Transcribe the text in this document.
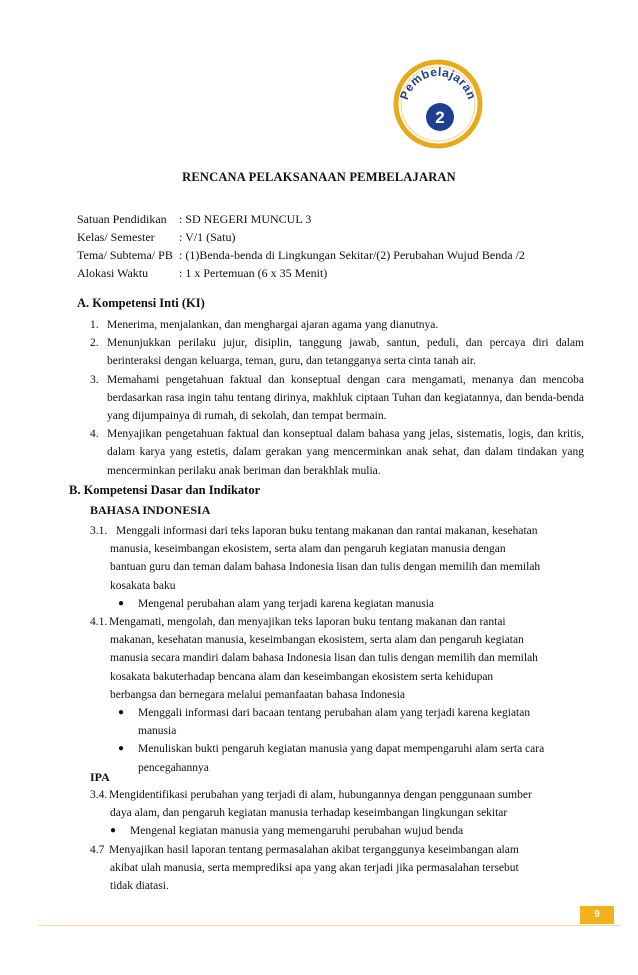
Pembelajaran
2
RENCANA PELAKSANAAN PEMBELAJARAN
Satuan Pendidikan	: SD NEGERI MUNCUL 3
Kelas/ Semester	: V/1 (Satu)
Tema/ Subtema/ PB : (1)Benda-benda di Lingkungan Sekitar/(2) Perubahan Wujud Benda /2
Alokasi Waktu	: 1 x Pertemuan (6 x 35 Menit)
A. Kompetensi Inti (KI)
1. Menerima, menjalankan, dan menghargai ajaran agama yang dianutnya.
2. Menunjukkan perilaku jujur, disiplin, tanggung jawab, santun, peduli, dan percaya diri dalam berinteraksi dengan keluarga, teman, guru, dan tetangganya serta cinta tanah air.
3. Memahami pengetahuan faktual dan konseptual dengan cara mengamati, menanya dan mencoba berdasarkan rasa ingin tahu tentang dirinya, makhluk ciptaan Tuhan dan kegiatannya, dan benda-benda yang dijumpainya di rumah, di sekolah, dan tempat bermain.
4. Menyajikan pengetahuan faktual dan konseptual dalam bahasa yang jelas, sistematis, logis, dan kritis, dalam karya yang estetis, dalam gerakan yang mencerminkan anak sehat, dan dalam tindakan yang mencerminkan perilaku anak beriman dan berakhlak mulia.
B. Kompetensi Dasar dan Indikator
BAHASA INDONESIA
3.1. Menggali informasi dari teks laporan buku tentang makanan dan rantai makanan, kesehatan
manusia, keseimbangan ekosistem, serta alam dan pengaruh kegiatan manusia dengan
bantuan guru dan teman dalam bahasa Indonesia lisan dan tulis dengan memilih dan memilah
kosakata baku
● Mengenal perubahan alam yang terjadi karena kegiatan manusia
4.1. Mengamati, mengolah, dan menyajikan teks laporan buku tentang makanan dan rantai
makanan, kesehatan manusia, keseimbangan ekosistem, serta alam dan pengaruh kegiatan
manusia secara mandiri dalam bahasa Indonesia lisan dan tulis dengan memilih dan memilah
kosakata bakuterhadap bencana alam dan keseimbangan ekosistem serta kehidupan
berbangsa dan bernegara melalui pemanfaatan bahasa Indonesia
● Menggali informasi dari bacaan tentang perubahan alam yang terjadi karena kegiatan
manusia
● Menuliskan bukti pengaruh kegiatan manusia yang dapat mempengaruhi alam serta cara
pencegahannya
IPA
3.4. Mengidentifikasi perubahan yang terjadi di alam, hubungannya dengan penggunaan sumber
daya alam, dan pengaruh kegiatan manusia terhadap keseimbangan lingkungan sekitar
● Mengenal kegiatan manusia yang memengaruhi perubahan wujud benda
4.7 Menyajikan hasil laporan tentang permasalahan akibat terganggunya keseimbangan alam
akibat ulah manusia, serta memprediksi apa yang akan terjadi jika permasalahan tersebut
tidak diatasi.
9
